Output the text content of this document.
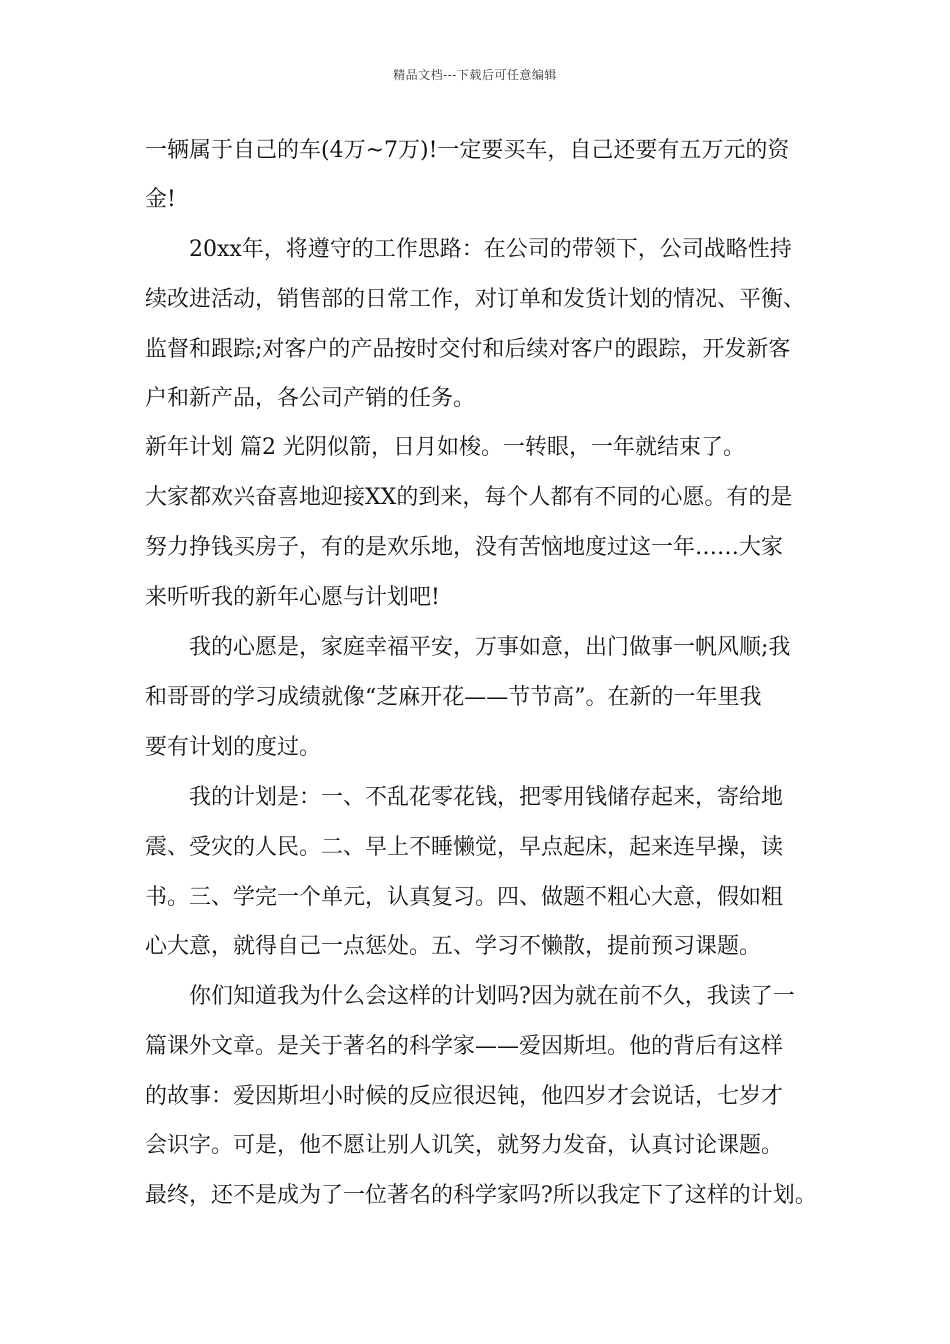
精品文档---下载后可任意编辑
一辆属于自己的车(4万~7万)!一定要买车，自己还要有五万元的资
金!
　　20xx年，将遵守的工作思路：在公司的带领下，公司战略性持
续改进活动，销售部的日常工作，对订单和发货计划的情况、平衡、
监督和跟踪;对客户的产品按时交付和后续对客户的跟踪，开发新客
户和新产品，各公司产销的任务。
新年计划 篇2 光阴似箭，日月如梭。一转眼，一年就结束了。
大家都欢兴奋喜地迎接XX的到来，每个人都有不同的心愿。有的是
努力挣钱买房子，有的是欢乐地，没有苦恼地度过这一年……大家
来听听我的新年心愿与计划吧!
　　我的心愿是，家庭幸福平安，万事如意，出门做事一帆风顺;我
和哥哥的学习成绩就像“芝麻开花——节节高”。在新的一年里我
要有计划的度过。
　　我的计划是：一、不乱花零花钱，把零用钱储存起来，寄给地
震、受灾的人民。二、早上不睡懒觉，早点起床，起来连早操，读
书。三、学完一个单元，认真复习。四、做题不粗心大意，假如粗
心大意，就得自己一点惩处。五、学习不懒散，提前预习课题。
　　你们知道我为什么会这样的计划吗?因为就在前不久，我读了一
篇课外文章。是关于著名的科学家——爱因斯坦。他的背后有这样
的故事：爱因斯坦小时候的反应很迟钝，他四岁才会说话，七岁才
会识字。可是，他不愿让别人讥笑，就努力发奋，认真讨论课题。
最终，还不是成为了一位著名的科学家吗?所以我定下了这样的计划。
